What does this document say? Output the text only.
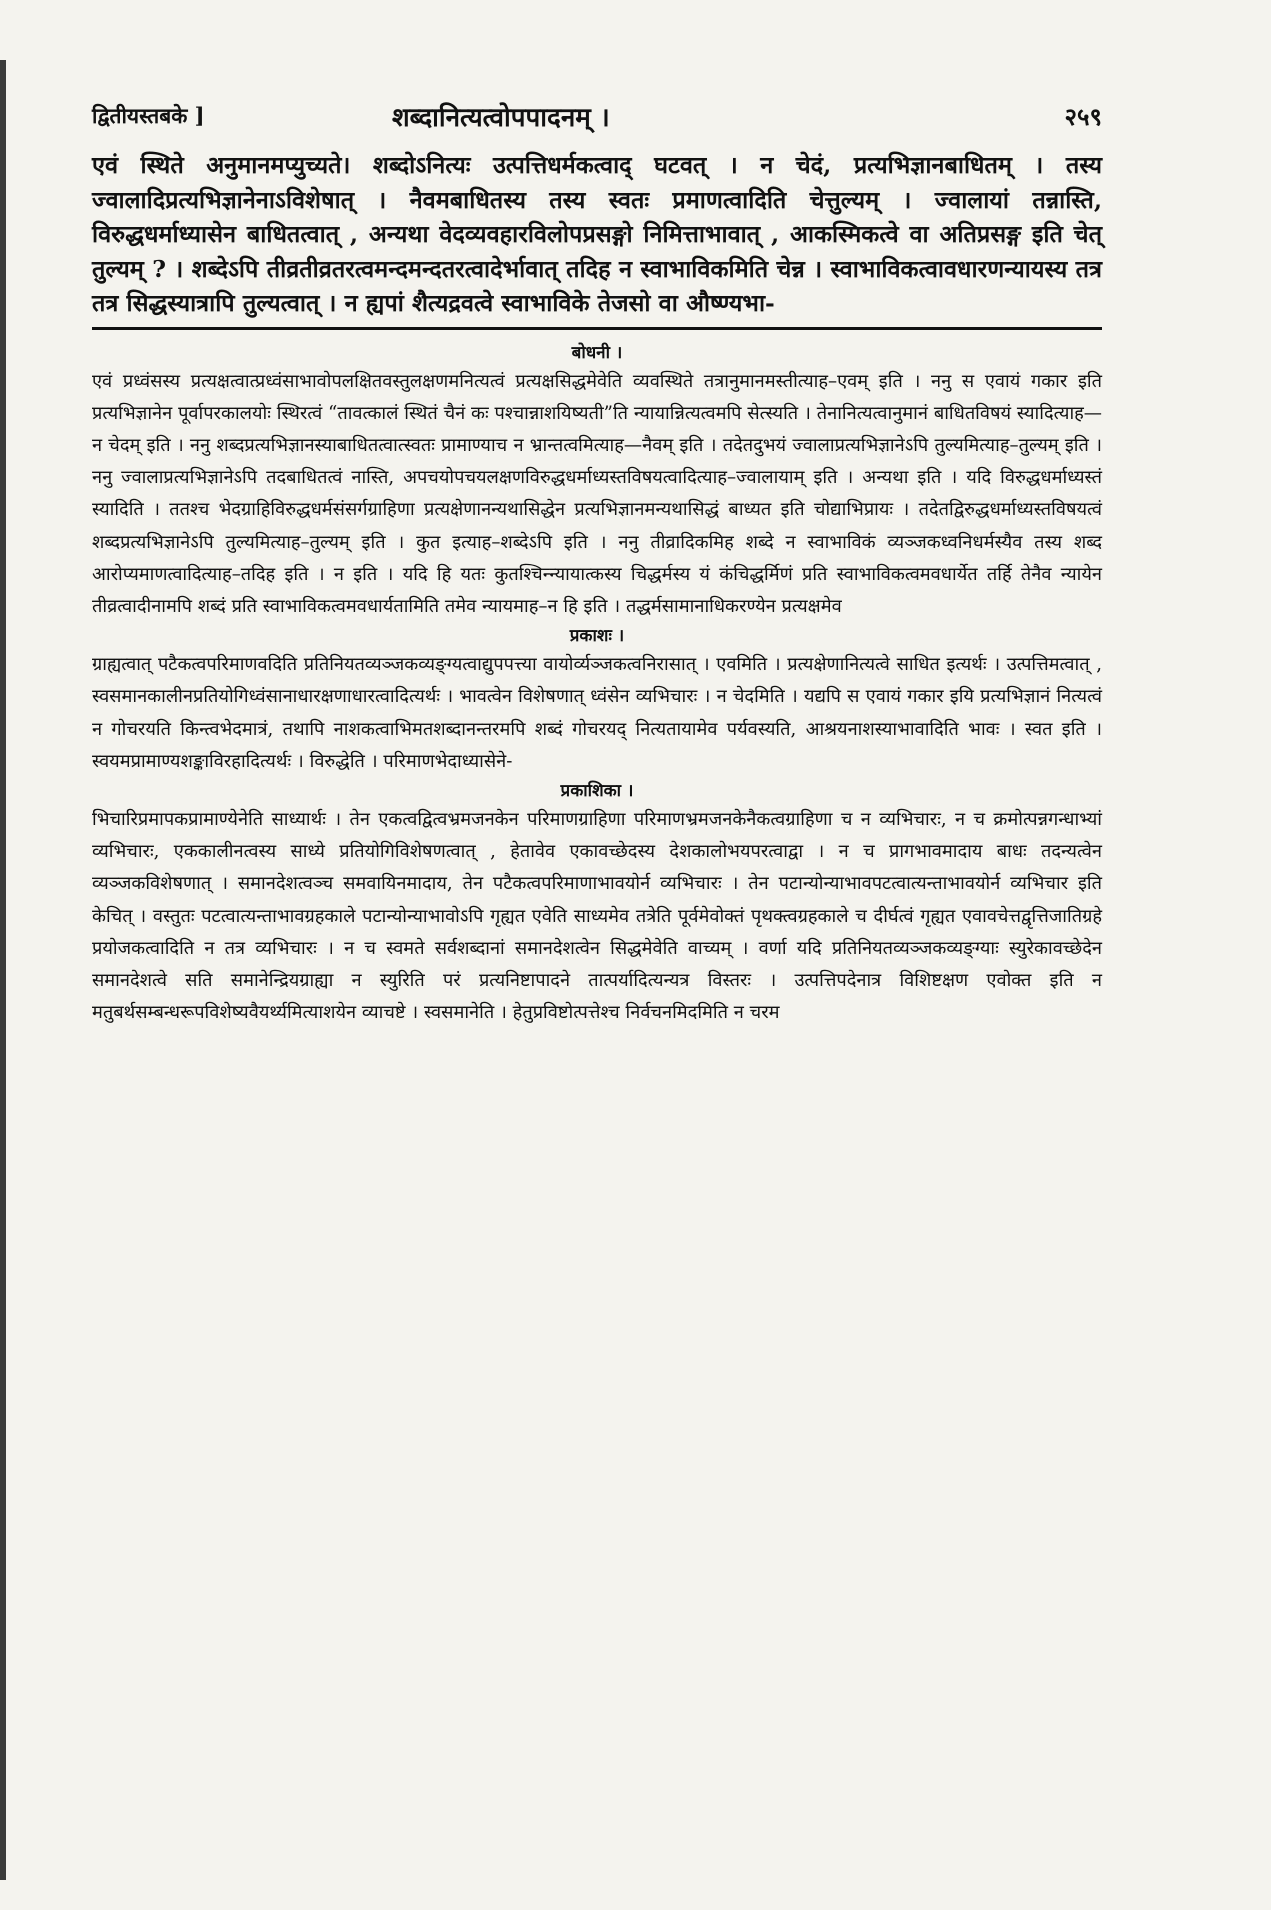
द्वितीयस्तबके ]	शब्दानित्यत्वोपपादनम् ।	२५९

एवं स्थिते अनुमानमप्युच्यते। शब्दोऽनित्यः उत्पत्तिधर्मकत्वाद् घटवत् । न चेदं, प्रत्यभिज्ञानबाधितम् । तस्य ज्वालादिप्रत्यभिज्ञानेनाऽविशेषात् । नैवमबाधितस्य तस्य स्वतः प्रमाणत्वादिति चेत्तुल्यम् । ज्वालायां तन्नास्ति, विरुद्धधर्माध्यासेन बाधितत्वात् , अन्यथा वेदव्यवहारविलोपप्रसङ्गो निमित्ताभावात् , आकस्मिकत्वे वा अतिप्रसङ्ग इति चेत् तुल्यम् ? । शब्देऽपि तीव्रतीव्रतरत्वमन्दमन्दतरत्वादेर्भावात् तदिह न स्वाभाविकमिति चेन्न । स्वाभाविकत्वावधारणन्यायस्य तत्र तत्र सिद्धस्यात्रापि तुल्यत्वात् । न ह्यपां शैत्यद्रवत्वे स्वाभाविके तेजसो वा औष्ण्यभा-

बोधनी ।

एवं प्रध्वंसस्य प्रत्यक्षत्वात्प्रध्वंसाभावोपलक्षितवस्तुलक्षणमनित्यत्वं प्रत्यक्षसिद्धमेवेति व्यवस्थिते तत्रानुमानमस्तीत्याह–एवम् इति । ननु स एवायं गकार इति प्रत्यभिज्ञानेन पूर्वापरकालयोः स्थिरत्वं “तावत्कालं स्थितं चैनं कः पश्चान्नाशयिष्यती”ति न्यायान्नित्यत्वमपि सेत्स्यति । तेनानित्यत्वानुमानं बाधितविषयं स्यादित्याह—न चेदम् इति । ननु शब्दप्रत्यभिज्ञानस्याबाधितत्वात्स्वतः प्रामाण्याच न भ्रान्तत्वमित्याह—नैवम् इति । तदेतदुभयं ज्वालाप्रत्यभिज्ञानेऽपि तुल्यमित्याह–तुल्यम् इति । ननु ज्वालाप्रत्यभिज्ञानेऽपि तदबाधितत्वं नास्ति, अपचयोपचयलक्षणविरुद्धधर्माध्यस्तविषयत्वादित्याह–ज्वालायाम् इति । अन्यथा इति । यदि विरुद्धधर्माध्यस्तं स्यादिति । ततश्च भेदग्राहिविरुद्धधर्मसंसर्गग्राहिणा प्रत्यक्षेणानन्यथासिद्धेन प्रत्यभिज्ञानमन्यथासिद्धं बाध्यत इति चोद्याभिप्रायः । तदेतद्विरुद्धधर्माध्यस्तविषयत्वं शब्दप्रत्यभिज्ञानेऽपि तुल्यमित्याह–तुल्यम् इति । कुत इत्याह–शब्देऽपि इति । ननु तीव्रादिकमिह शब्दे न स्वाभाविकं व्यञ्जकध्वनिधर्मस्यैव तस्य शब्द आरोप्यमाणत्वादित्याह–तदिह इति । न इति । यदि हि यतः कुतश्चिन्न्यायात्कस्य चिद्धर्मस्य यं कंचिद्धर्मिणं प्रति स्वाभाविकत्वमवधार्येत तर्हि तेनैव न्यायेन तीव्रत्वादीनामपि शब्दं प्रति स्वाभाविकत्वमवधार्यतामिति तमेव न्यायमाह–न हि इति । तद्धर्मसामानाधिकरण्येन प्रत्यक्षमेव

प्रकाशः ।

ग्राह्यत्वात् पटैकत्वपरिमाणवदिति प्रतिनियतव्यञ्जकव्यङ्ग्यत्वाद्युपपत्त्या वायोर्व्यञ्जकत्वनिरासात् । एवमिति । प्रत्यक्षेणानित्यत्वे साधित इत्यर्थः । उत्पत्तिमत्वात् , स्वसमानकालीनप्रतियोगिध्वंसानाधारक्षणाधारत्वादित्यर्थः । भावत्वेन विशेषणात् ध्वंसेन व्यभिचारः । न चेदमिति । यद्यपि स एवायं गकार इयि प्रत्यभिज्ञानं नित्यत्वं न गोचरयति किन्त्वभेदमात्रं, तथापि नाशकत्वाभिमतशब्दानन्तरमपि शब्दं गोचरयद् नित्यतायामेव पर्यवस्यति, आश्रयनाशस्याभावादिति भावः । स्वत इति । स्वयमप्रामाण्यशङ्काविरहादित्यर्थः । विरुद्धेति । परिमाणभेदाध्यासेने-

प्रकाशिका ।

भिचारिप्रमापकप्रामाण्येनेति साध्यार्थः । तेन एकत्वद्वित्वभ्रमजनकेन परिमाणग्राहिणा परिमाणभ्रमजनकेनैकत्वग्राहिणा च न व्यभिचारः, न च क्रमोत्पन्नगन्धाभ्यां व्यभिचारः, एककालीनत्वस्य साध्ये प्रतियोगिविशेषणत्वात् , हेतावेव एकावच्छेदस्य देशकालोभयपरत्वाद्वा । न च प्रागभावमादाय बाधः तदन्यत्वेन व्यञ्जकविशेषणात् । समानदेशत्वञ्च समवायिनमादाय, तेन पटैकत्वपरिमाणाभावयोर्न व्यभिचारः । तेन पटान्योन्याभावपटत्वात्यन्ताभावयोर्न व्यभिचार इति केचित् । वस्तुतः पटत्वात्यन्ताभावग्रहकाले पटान्योन्याभावोऽपि गृह्यत एवेति साध्यमेव तत्रेति पूर्वमेवोक्तं पृथक्त्वग्रहकाले च दीर्घत्वं गृह्यत एवावचेत्तद्वृत्तिजातिग्रहे प्रयोजकत्वादिति न तत्र व्यभिचारः । न च स्वमते सर्वशब्दानां समानदेशत्वेन सिद्धमेवेति वाच्यम् । वर्णा यदि प्रतिनियतव्यञ्जकव्यङ्ग्याः स्युरेकावच्छेदेन समानदेशत्वे सति समानेन्द्रियग्राह्या न स्युरिति परं प्रत्यनिष्टापादने तात्पर्यादित्यन्यत्र विस्तरः । उत्पत्तिपदेनात्र विशिष्टक्षण एवोक्त इति न मतुबर्थसम्बन्धरूपविशेष्यवैयर्थ्यमित्याशयेन व्याचष्टे । स्वसमानेति । हेतुप्रविष्टोत्पत्तेश्च निर्वचनमिदमिति न चरम
